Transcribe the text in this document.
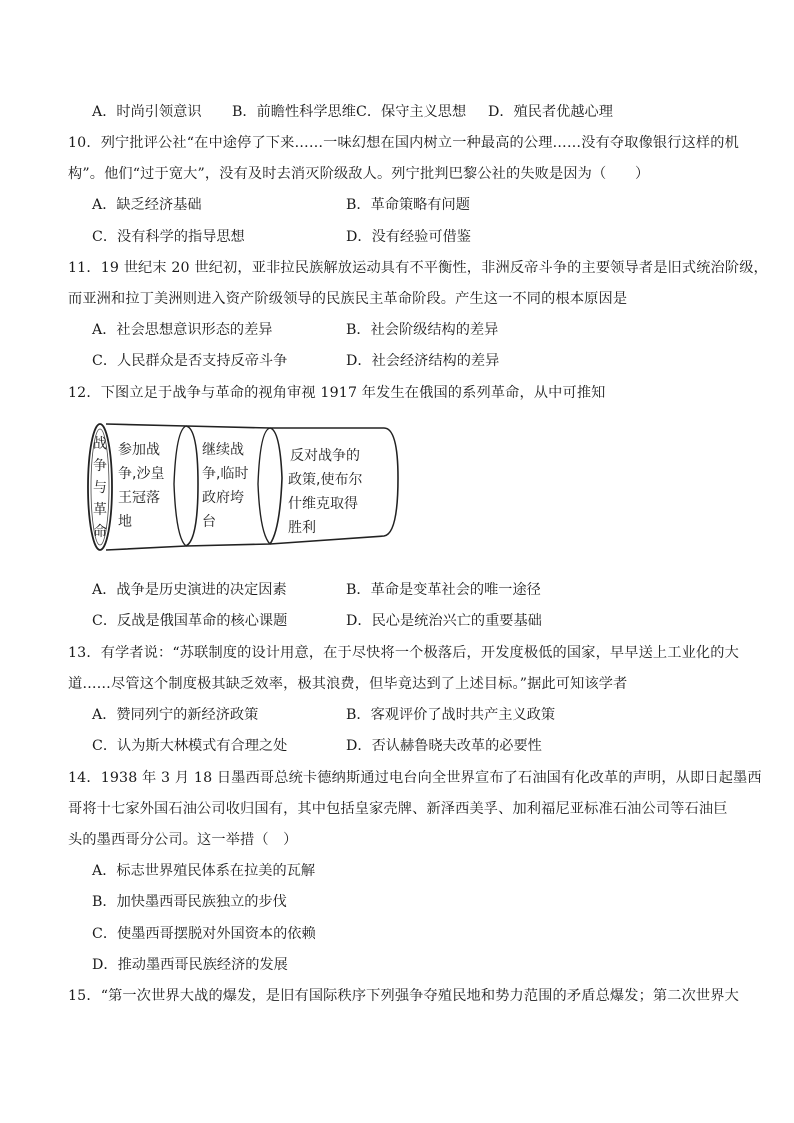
A．时尚引领意识 B．前瞻性科学思维 C．保守主义思想 D．殖民者优越心理
10．列宁批评公社“在中途停了下来……一味幻想在国内树立一种最高的公理……没有夺取像银行这样的机
构”。他们“过于宽大”，没有及时去消灭阶级敌人。列宁批判巴黎公社的失败是因为（　　）
A．缺乏经济基础	B．革命策略有问题
C．没有科学的指导思想	D．没有经验可借鉴
11．19 世纪末 20 世纪初，亚非拉民族解放运动具有不平衡性，非洲反帝斗争的主要领导者是旧式统治阶级，
而亚洲和拉丁美洲则进入资产阶级领导的民族民主革命阶段。产生这一不同的根本原因是
A．社会思想意识形态的差异	B．社会阶级结构的差异
C．人民群众是否支持反帝斗争	D．社会经济结构的差异
12．下图立足于战争与革命的视角审视 1917 年发生在俄国的系列革命，从中可推知
战
争
与
革
命
参加战
争,沙皇
王冠落
地
继续战
争,临时
政府垮
台
反对战争的
政策,使布尔
什维克取得
胜利
A．战争是历史演进的决定因素	B．革命是变革社会的唯一途径
C．反战是俄国革命的核心课题	D．民心是统治兴亡的重要基础
13．有学者说：“苏联制度的设计用意，在于尽快将一个极落后，开发度极低的国家，早早送上工业化的大
道……尽管这个制度极其缺乏效率，极其浪费，但毕竟达到了上述目标。”据此可知该学者
A．赞同列宁的新经济政策	B．客观评价了战时共产主义政策
C．认为斯大林模式有合理之处	D．否认赫鲁晓夫改革的必要性
14．1938 年 3 月 18 日墨西哥总统卡德纳斯通过电台向全世界宣布了石油国有化改革的声明，从即日起墨西
哥将十七家外国石油公司收归国有，其中包括皇家壳牌、新泽西美孚、加利福尼亚标准石油公司等石油巨
头的墨西哥分公司。这一举措（　）
A．标志世界殖民体系在拉美的瓦解
B．加快墨西哥民族独立的步伐
C．使墨西哥摆脱对外国资本的依赖
D．推动墨西哥民族经济的发展
15．“第一次世界大战的爆发，是旧有国际秩序下列强争夺殖民地和势力范围的矛盾总爆发；第二次世界大
